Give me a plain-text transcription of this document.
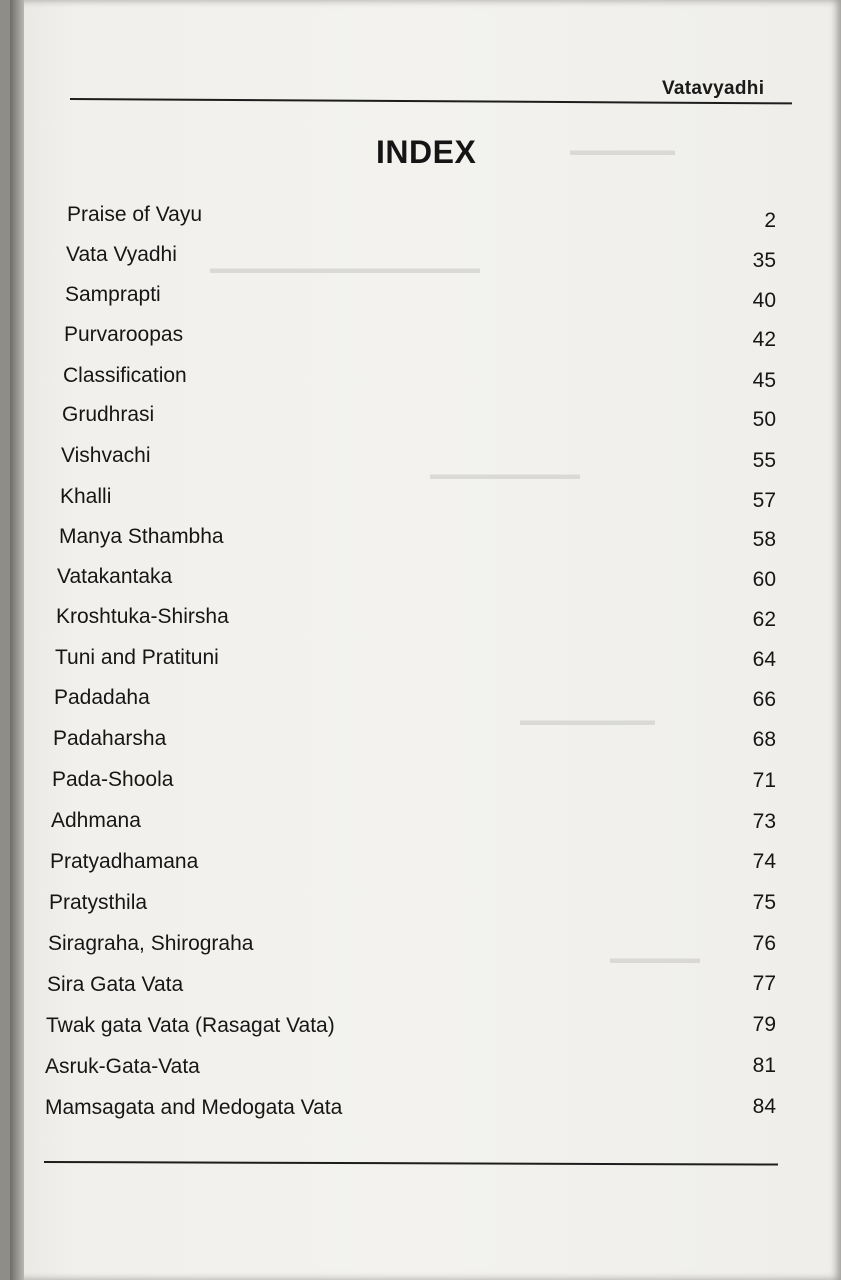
▬▬▬▬▬▬▬
▬▬▬▬▬▬▬▬▬▬▬▬▬▬▬▬▬▬
▬▬▬▬▬▬▬▬▬▬
▬▬▬▬▬▬▬▬▬
▬▬▬▬▬▬
Vatavyadhi
INDEX
Praise of Vayu	2
Vata Vyadhi	35
Samprapti	40
Purvaroopas	42
Classification	45
Grudhrasi	50
Vishvachi	55
Khalli	57
Manya Sthambha	58
Vatakantaka	60
Kroshtuka-Shirsha	62
Tuni and Pratituni	64
Padadaha	66
Padaharsha	68
Pada-Shoola	71
Adhmana	73
Pratyadhamana	74
Pratysthila	75
Siragraha, Shirograha	76
Sira Gata Vata	77
Twak gata Vata (Rasagat Vata)	79
Asruk-Gata-Vata	81
Mamsagata and Medogata Vata	84
